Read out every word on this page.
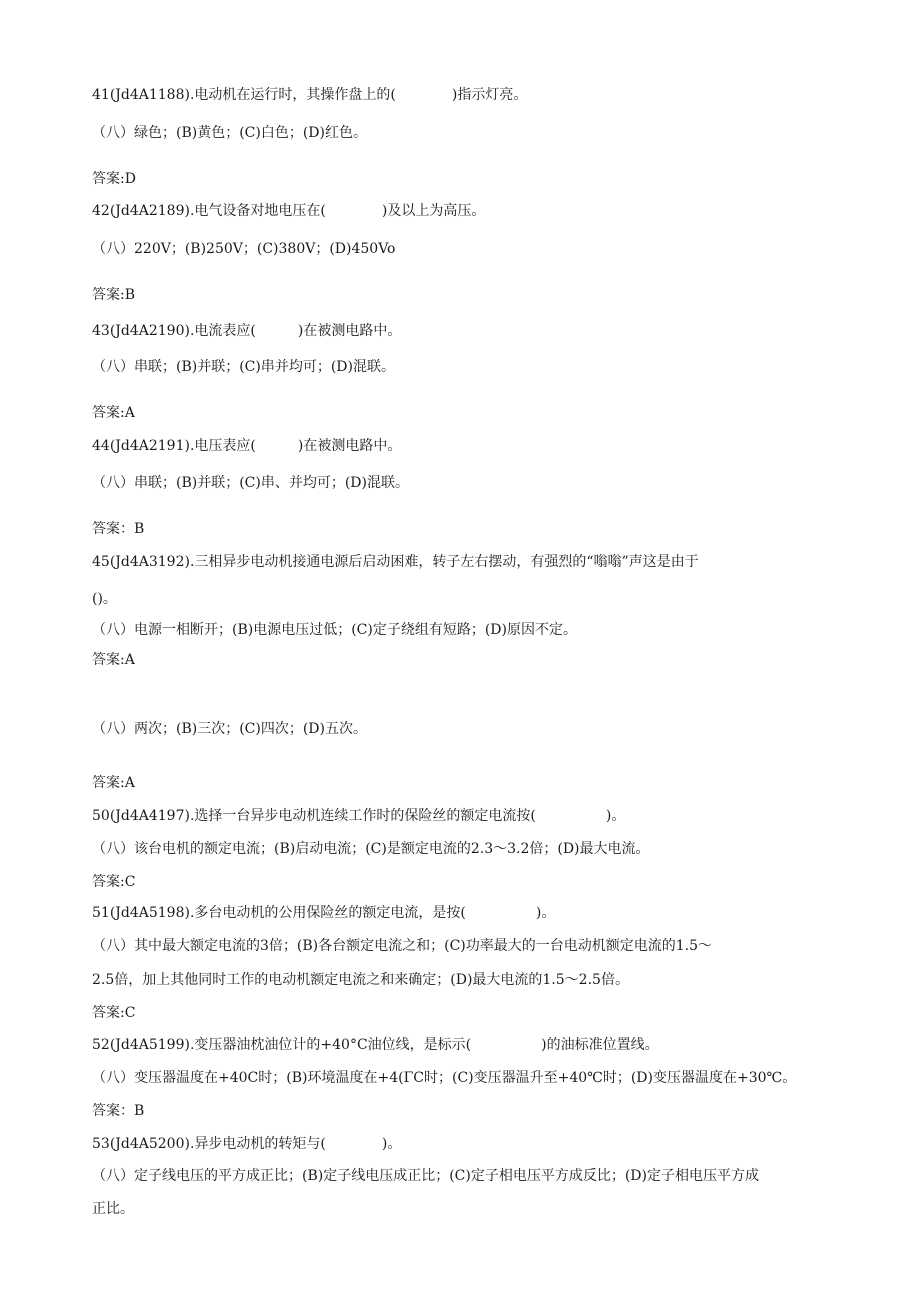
41(Jd4A1188).电动机在运行时，其操作盘上的(　　　　)指示灯亮。
（八）绿色；(B)黄色；(C)白色；(D)红色。
答案:D
42(Jd4A2189).电气设备对地电压在(　　　　)及以上为高压。
（八）220V；(B)250V；(C)380V；(D)450Vo
答案:B
43(Jd4A2190).电流表应(　　　)在被测电路中。
（八）串联；(B)并联；(C)串并均可；(D)混联。
答案:A
44(Jd4A2191).电压表应(　　　)在被测电路中。
（八）串联；(B)并联；(C)串、并均可；(D)混联。
答案：B
45(Jd4A3192).三相异步电动机接通电源后启动困难，转子左右摆动，有强烈的“嗡嗡”声这是由于
()。
（八）电源一相断开；(B)电源电压过低；(C)定子绕组有短路；(D)原因不定。
答案:A
（八）两次；(B)三次；(C)四次；(D)五次。
答案:A
50(Jd4A4197).选择一台异步电动机连续工作时的保险丝的额定电流按(　　　　　)。
（八）该台电机的额定电流；(B)启动电流；(C)是额定电流的2.3～3.2倍；(D)最大电流。
答案:C
51(Jd4A5198).多台电动机的公用保险丝的额定电流，是按(　　　　　)。
（八）其中最大额定电流的3倍；(B)各台额定电流之和；(C)功率最大的一台电动机额定电流的1.5～
2.5倍，加上其他同时工作的电动机额定电流之和来确定；(D)最大电流的1.5～2.5倍。
答案:C
52(Jd4A5199).变压器油枕油位计的+40°C油位线，是标示(　　　　　)的油标准位置线。
（八）变压器温度在+40C时；(B)环境温度在+4(ΓC时；(C)变压器温升至+40℃时；(D)变压器温度在+30℃。
答案：B
53(Jd4A5200).异步电动机的转矩与(　　　　)。
（八）定子线电压的平方成正比；(B)定子线电压成正比；(C)定子相电压平方成反比；(D)定子相电压平方成
正比。
